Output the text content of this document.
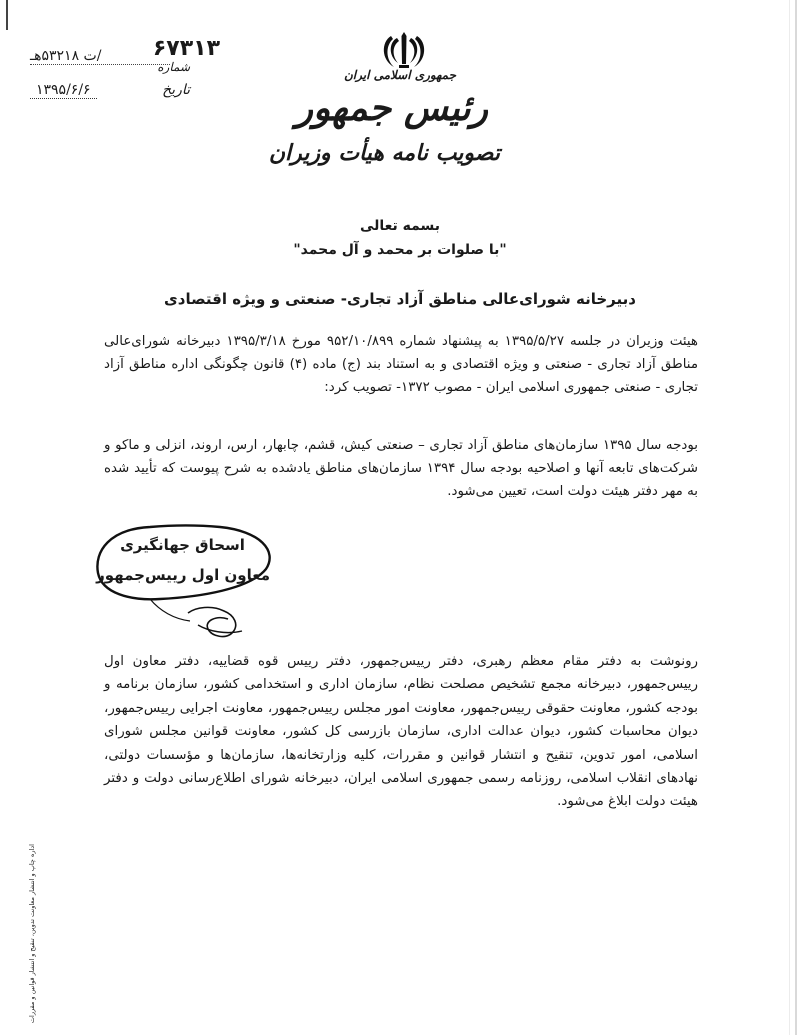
جمهوری اسلامی ایران
رئیس جمهور
تصویب نامه هیأت وزیران
۶۷۳۱۳
شماره
/ت ۵۳۲۱۸هـ
تاریخ
۱۳۹۵/۶/۶
بسمه تعالی
"با صلوات بر محمد و آل محمد"
دبیرخانه شورای‌عالی مناطق آزاد تجاری- صنعتی و ویژه اقتصادی
هیئت وزیران در جلسه ۱۳۹۵/۵/۲۷ به پیشنهاد شماره ۹۵۲/۱۰/۸۹۹ مورخ ۱۳۹۵/۳/۱۸ دبیرخانه شورای‌عالی مناطق آزاد تجاری - صنعتی و ویژه اقتصادی و به استناد بند (ج) ماده (۴) قانون چگونگی اداره مناطق آزاد تجاری - صنعتی جمهوری اسلامی ایران - مصوب ۱۳۷۲- تصویب کرد:
بودجه سال ۱۳۹۵ سازمان‌های مناطق آزاد تجاری – صنعتی کیش، قشم، چابهار، ارس، اروند، انزلی و ماکو و شرکت‌های تابعه آنها و اصلاحیه بودجه سال ۱۳۹۴ سازمان‌های مناطق یادشده به شرح پیوست که تأیید شده به مهر دفتر هیئت دولت است، تعیین می‌شود.
اسحاق جهانگیری
معاون اول رییس‌جمهور
رونوشت به دفتر مقام معظم رهبری، دفتر رییس‌جمهور، دفتر رییس قوه قضاییه، دفتر معاون اول رییس‌جمهور، دبیرخانه مجمع تشخیص مصلحت نظام، سازمان اداری و استخدامی کشور، سازمان برنامه و بودجه کشور، معاونت حقوقی رییس‌جمهور، معاونت امور مجلس رییس‌جمهور، معاونت اجرایی رییس‌جمهور، دیوان محاسبات کشور، دیوان عدالت اداری، سازمان بازرسی کل کشور، معاونت قوانین مجلس شورای اسلامی، امور تدوین، تنقیح و انتشار قوانین و مقررات، کلیه وزارتخانه‌ها، سازمان‌ها و مؤسسات دولتی، نهادهای انقلاب اسلامی، روزنامه رسمی جمهوری اسلامی ایران، دبیرخانه شورای اطلاع‌رسانی دولت و دفتر هیئت دولت ابلاغ می‌شود.
اداره چاپ و انتشار معاونت تدوین، تنقیح و انتشار قوانین و مقررات
